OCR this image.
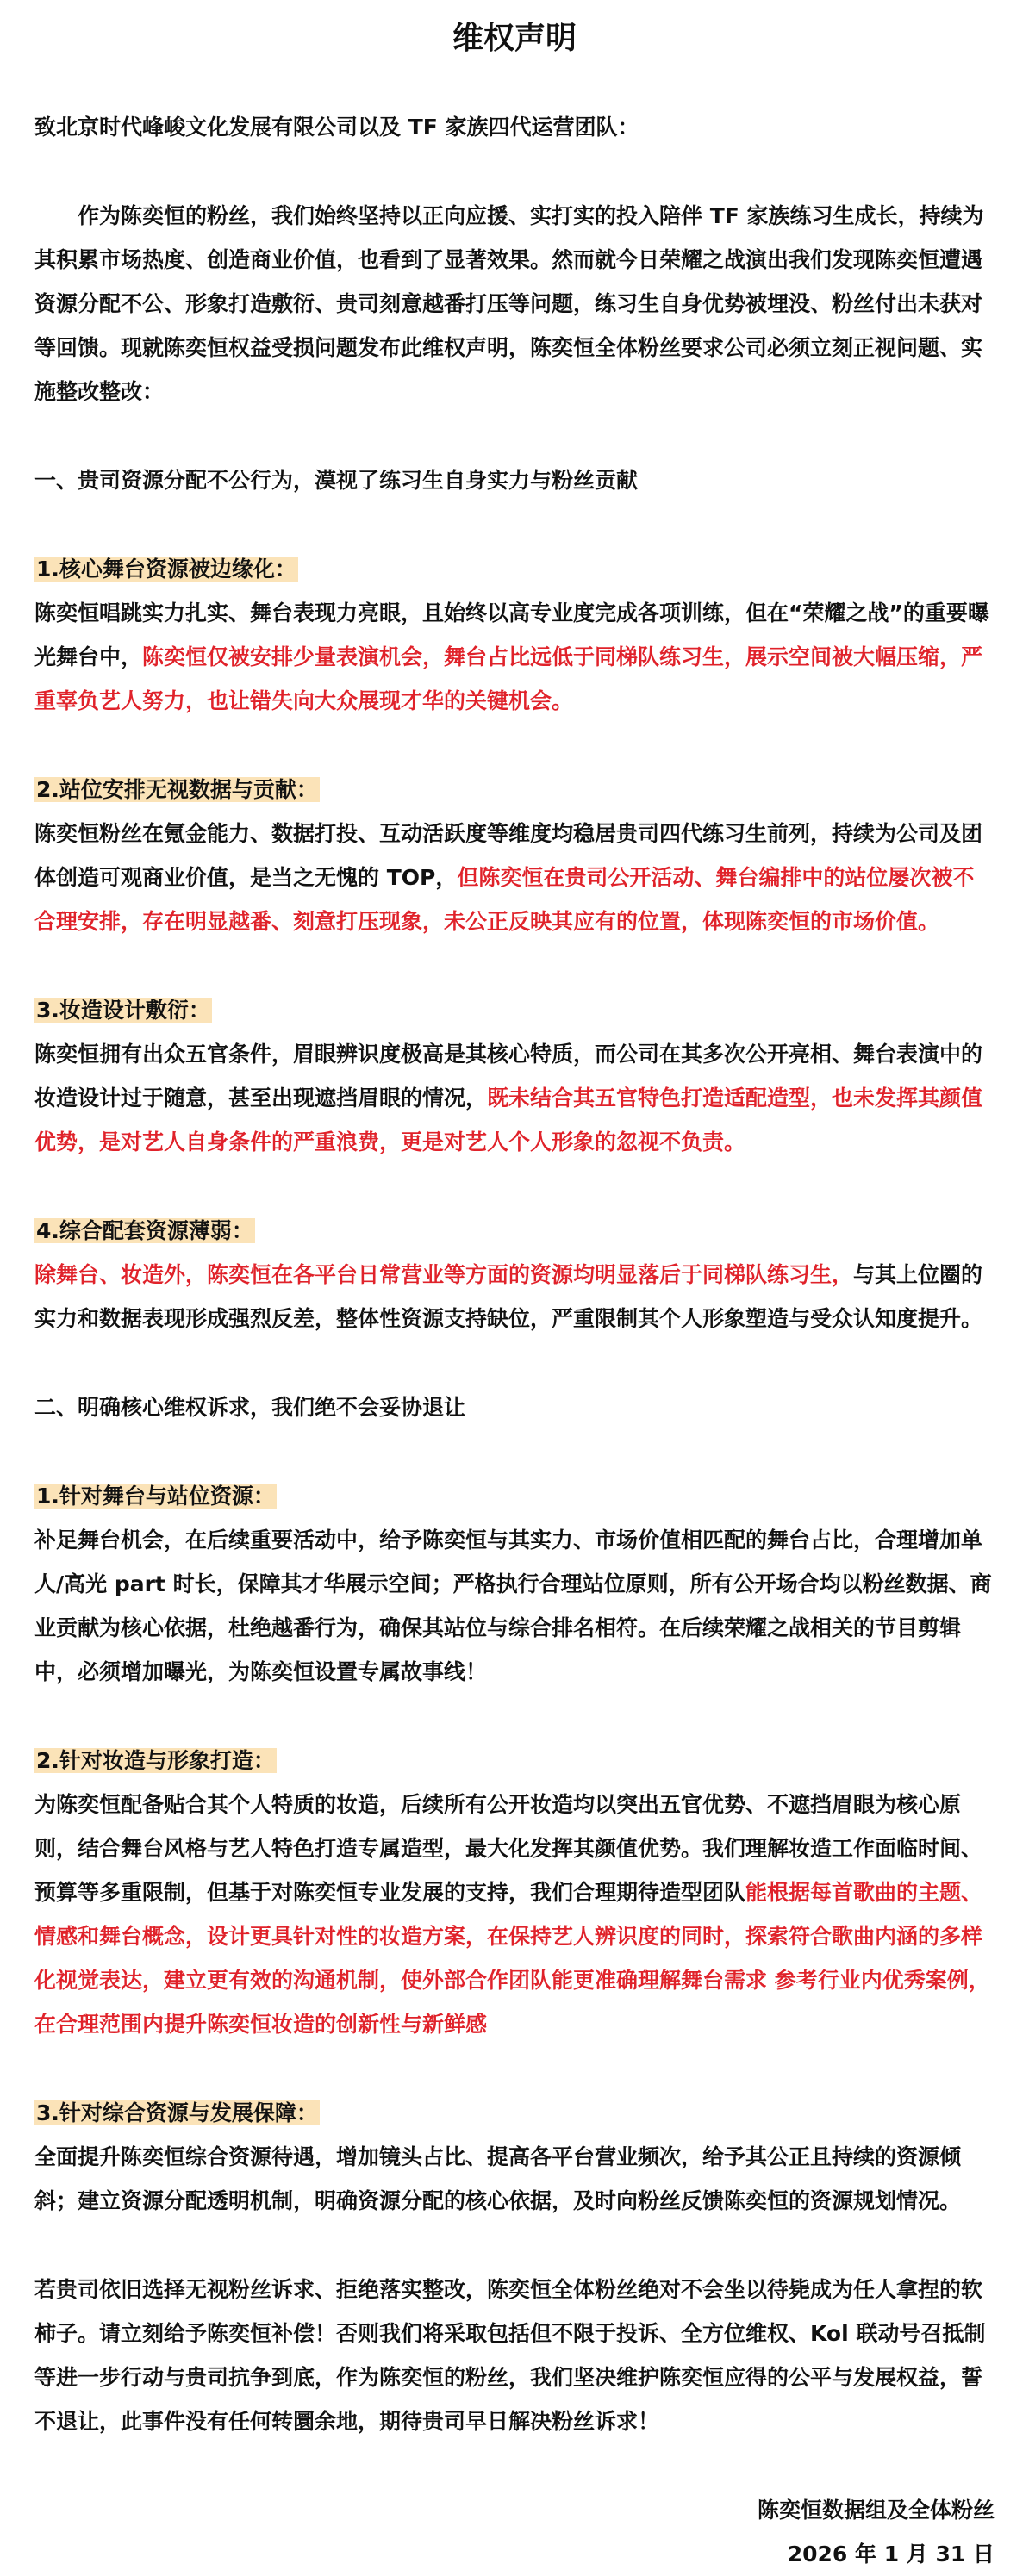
维权声明

致北京时代峰峻文化发展有限公司以及 TF 家族四代运营团队：

作为陈奕恒的粉丝，我们始终坚持以正向应援、实打实的投入陪伴 TF 家族练习生成长，持续为其积累市场热度、创造商业价值，也看到了显著效果。然而就今日荣耀之战演出我们发现陈奕恒遭遇资源分配不公、形象打造敷衍、贵司刻意越番打压等问题，练习生自身优势被埋没、粉丝付出未获对等回馈。现就陈奕恒权益受损问题发布此维权声明，陈奕恒全体粉丝要求公司必须立刻正视问题、实施整改整改：

一、贵司资源分配不公行为，漠视了练习生自身实力与粉丝贡献

1.核心舞台资源被边缘化：

陈奕恒唱跳实力扎实、舞台表现力亮眼，且始终以高专业度完成各项训练，但在“荣耀之战”的重要曝光舞台中，陈奕恒仅被安排少量表演机会，舞台占比远低于同梯队练习生，展示空间被大幅压缩，严重辜负艺人努力，也让错失向大众展现才华的关键机会。

2.站位安排无视数据与贡献：

陈奕恒粉丝在氪金能力、数据打投、互动活跃度等维度均稳居贵司四代练习生前列，持续为公司及团体创造可观商业价值，是当之无愧的 TOP，但陈奕恒在贵司公开活动、舞台编排中的站位屡次被不合理安排，存在明显越番、刻意打压现象，未公正反映其应有的位置，体现陈奕恒的市场价值。

3.妆造设计敷衍：

陈奕恒拥有出众五官条件，眉眼辨识度极高是其核心特质，而公司在其多次公开亮相、舞台表演中的妆造设计过于随意，甚至出现遮挡眉眼的情况，既未结合其五官特色打造适配造型，也未发挥其颜值优势，是对艺人自身条件的严重浪费，更是对艺人个人形象的忽视不负责。

4.综合配套资源薄弱：

除舞台、妆造外，陈奕恒在各平台日常营业等方面的资源均明显落后于同梯队练习生，与其上位圈的实力和数据表现形成强烈反差，整体性资源支持缺位，严重限制其个人形象塑造与受众认知度提升。

二、明确核心维权诉求，我们绝不会妥协退让

1.针对舞台与站位资源：

补足舞台机会，在后续重要活动中，给予陈奕恒与其实力、市场价值相匹配的舞台占比，合理增加单人/高光 part 时长，保障其才华展示空间；严格执行合理站位原则，所有公开场合均以粉丝数据、商业贡献为核心依据，杜绝越番行为，确保其站位与综合排名相符。在后续荣耀之战相关的节目剪辑中，必须增加曝光，为陈奕恒设置专属故事线！

2.针对妆造与形象打造：

为陈奕恒配备贴合其个人特质的妆造，后续所有公开妆造均以突出五官优势、不遮挡眉眼为核心原则，结合舞台风格与艺人特色打造专属造型，最大化发挥其颜值优势。我们理解妆造工作面临时间、预算等多重限制，但基于对陈奕恒专业发展的支持，我们合理期待造型团队能根据每首歌曲的主题、情感和舞台概念，设计更具针对性的妆造方案，在保持艺人辨识度的同时，探索符合歌曲内涵的多样化视觉表达，建立更有效的沟通机制，使外部合作团队能更准确理解舞台需求 参考行业内优秀案例，在合理范围内提升陈奕恒妆造的创新性与新鲜感

3.针对综合资源与发展保障：

全面提升陈奕恒综合资源待遇，增加镜头占比、提高各平台营业频次，给予其公正且持续的资源倾斜；建立资源分配透明机制，明确资源分配的核心依据，及时向粉丝反馈陈奕恒的资源规划情况。

若贵司依旧选择无视粉丝诉求、拒绝落实整改，陈奕恒全体粉丝绝对不会坐以待毙成为任人拿捏的软柿子。请立刻给予陈奕恒补偿！否则我们将采取包括但不限于投诉、全方位维权、Kol 联动号召抵制等进一步行动与贵司抗争到底，作为陈奕恒的粉丝，我们坚决维护陈奕恒应得的公平与发展权益，誓不退让，此事件没有任何转圜余地，期待贵司早日解决粉丝诉求！

陈奕恒数据组及全体粉丝

2026 年 1 月 31 日
